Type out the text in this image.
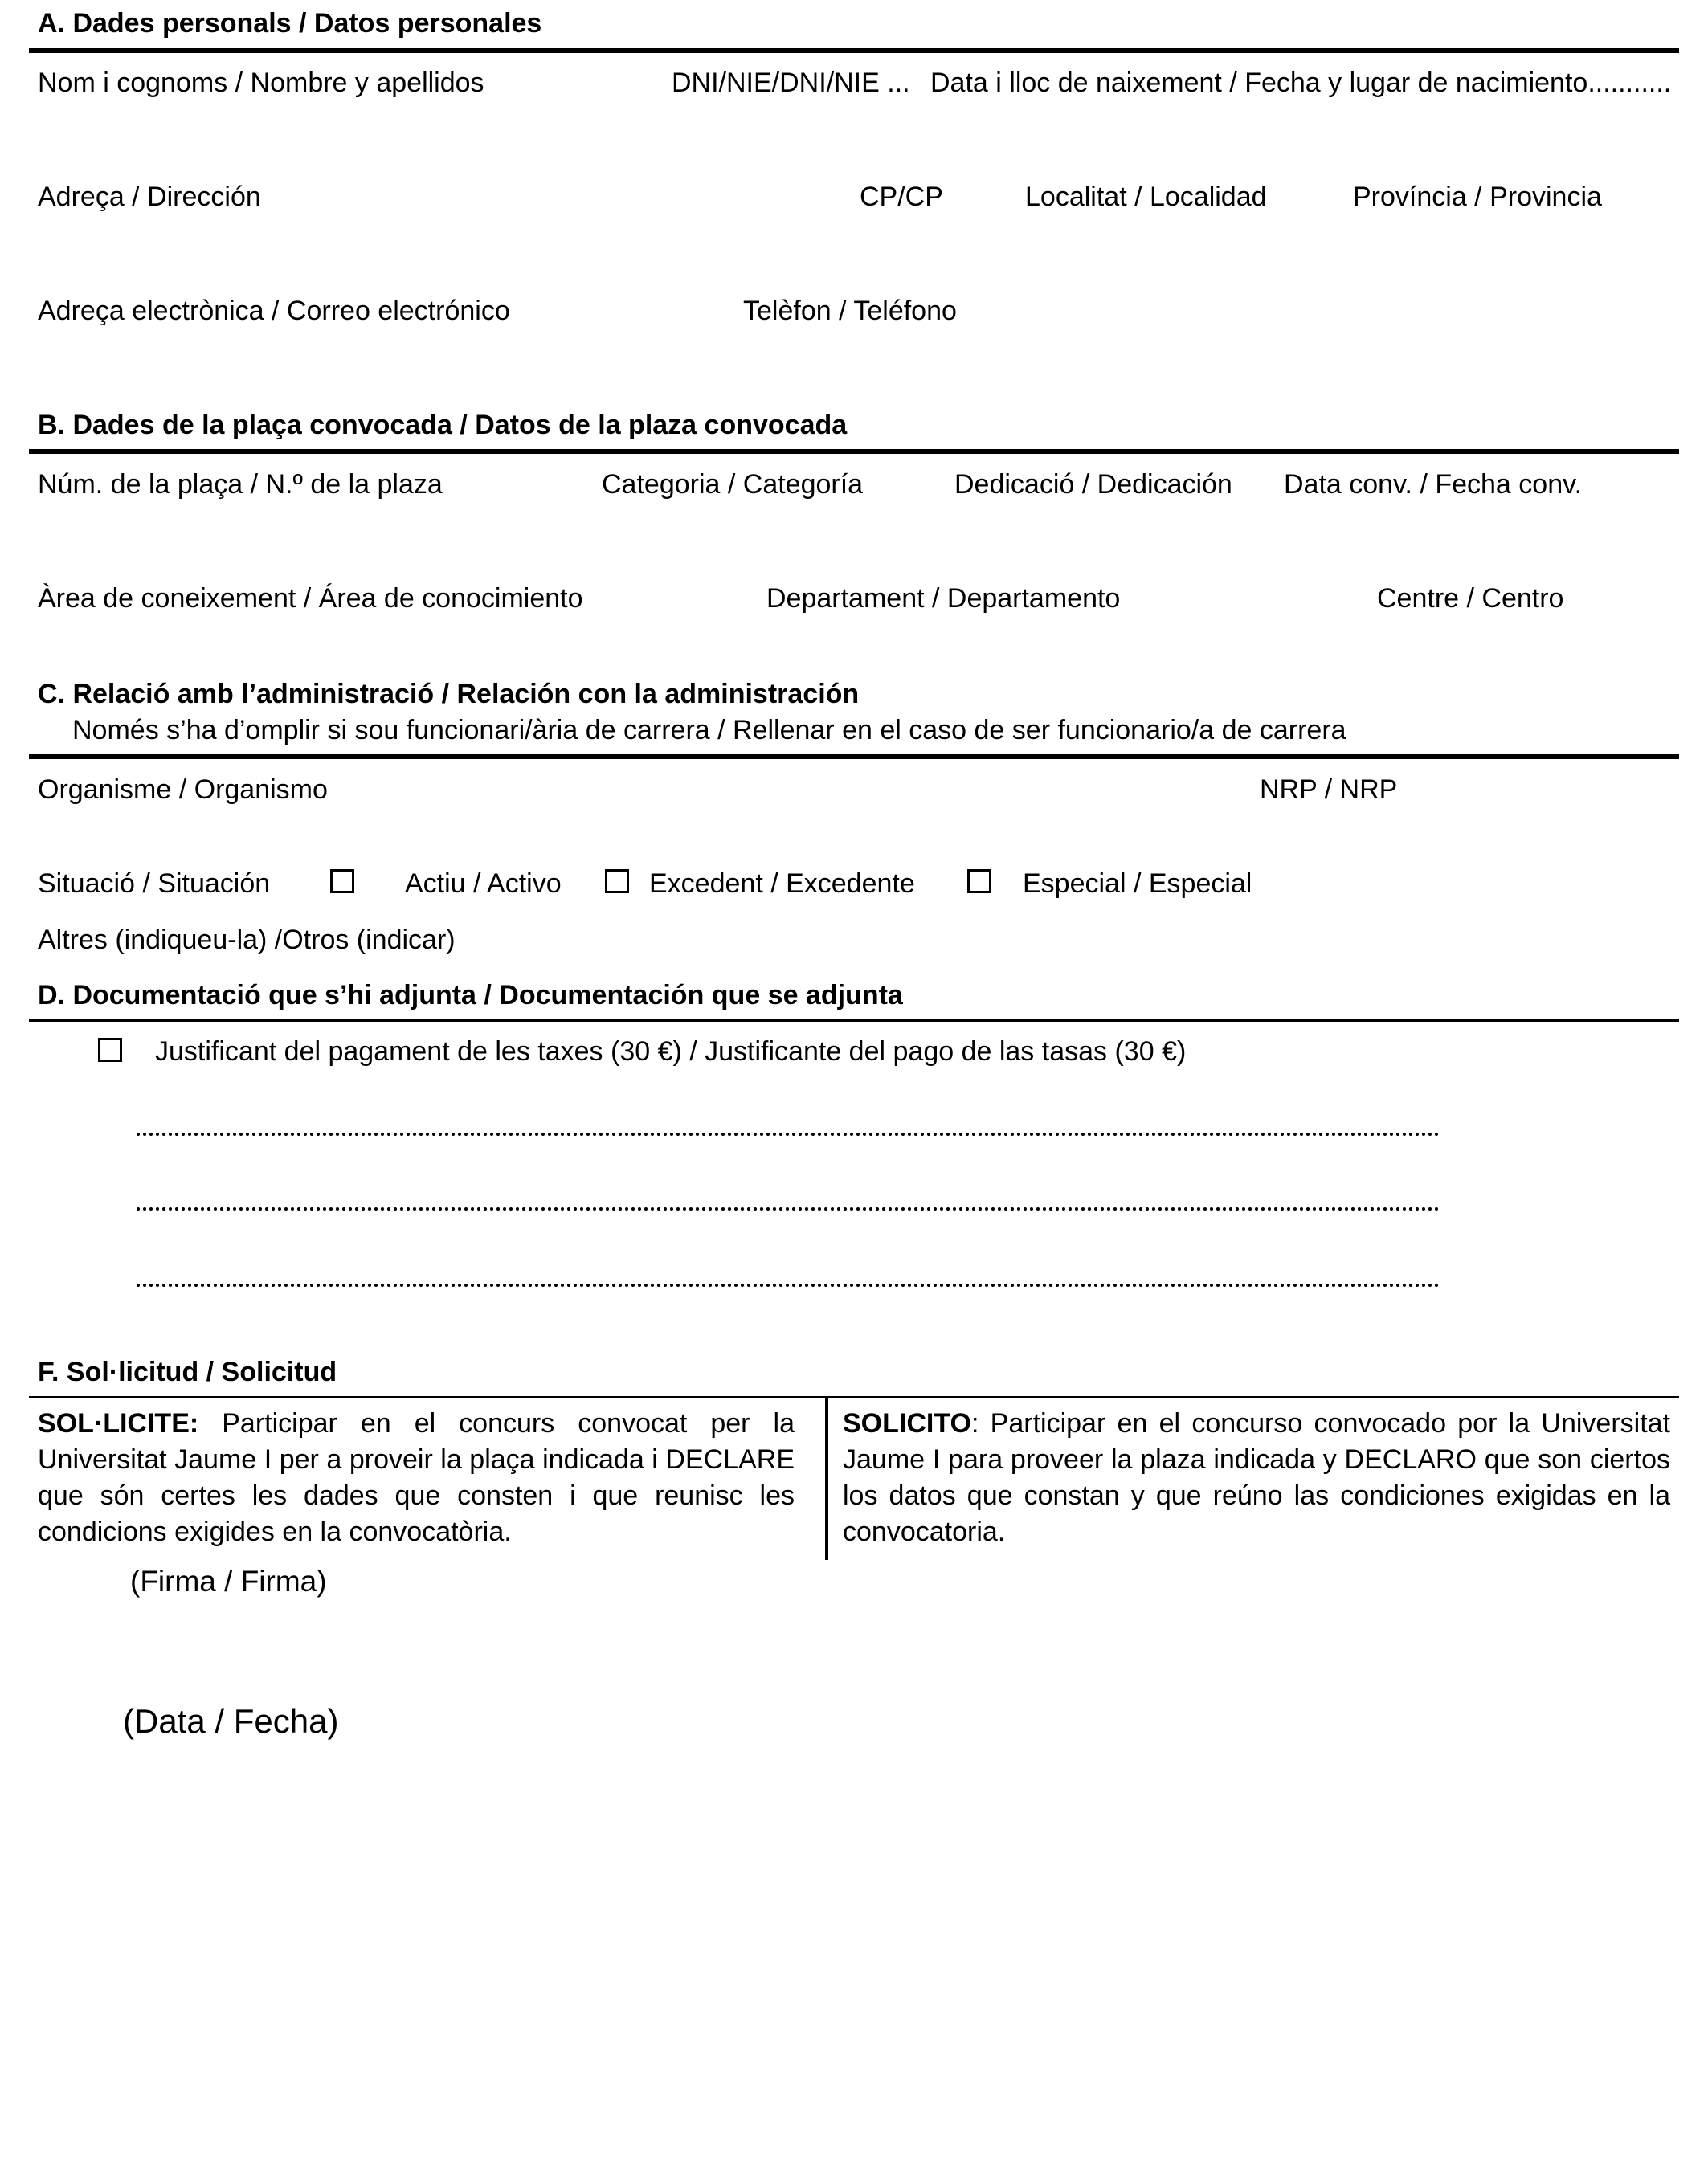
A. Dades personals / Datos personales
Nom i cognoms / Nombre y apellidos	DNI/NIE/DNI/NIE ... Data i lloc de naixement / Fecha y lugar de nacimiento...........
Adreça / Dirección	CP/CP	Localitat / Localidad	Província / Provincia
Adreça electrònica / Correo electrónico	Telèfon / Teléfono
B. Dades de la plaça convocada / Datos de la plaza convocada
Núm. de la plaça / N.º de la plaza	Categoria / Categoría	Dedicació / Dedicación Data conv. / Fecha conv.
Àrea de coneixement / Área de conocimiento	Departament / Departamento	Centre / Centro
C. Relació amb l’administració / Relación con la administración
Només s’ha d’omplir si sou funcionari/ària de carrera / Rellenar en el caso de ser funcionario/a de carrera
Organisme / Organismo	NRP / NRP
Situació / Situación	Actiu / Activo	Excedent / Excedente	Especial / Especial
Altres (indiqueu-la) /Otros (indicar)
D. Documentació que s’hi adjunta / Documentación que se adjunta
Justificant del pagament de les taxes (30 €) / Justificante del pago de las tasas (30 €)
F. Sol·licitud / Solicitud
SOL·LICITE: Participar en el concurs convocat per la Universitat Jaume I per a proveir la plaça indicada i DECLARE que són certes les dades que consten i que reunisc les condicions exigides en la convocatòria.
SOLICITO: Participar en el concurso convocado por la Universitat Jaume I para proveer la plaza indicada y DECLARO que son ciertos los datos que constan y que reúno las condiciones exigidas en la convocatoria.
(Firma / Firma)
(Data / Fecha)
